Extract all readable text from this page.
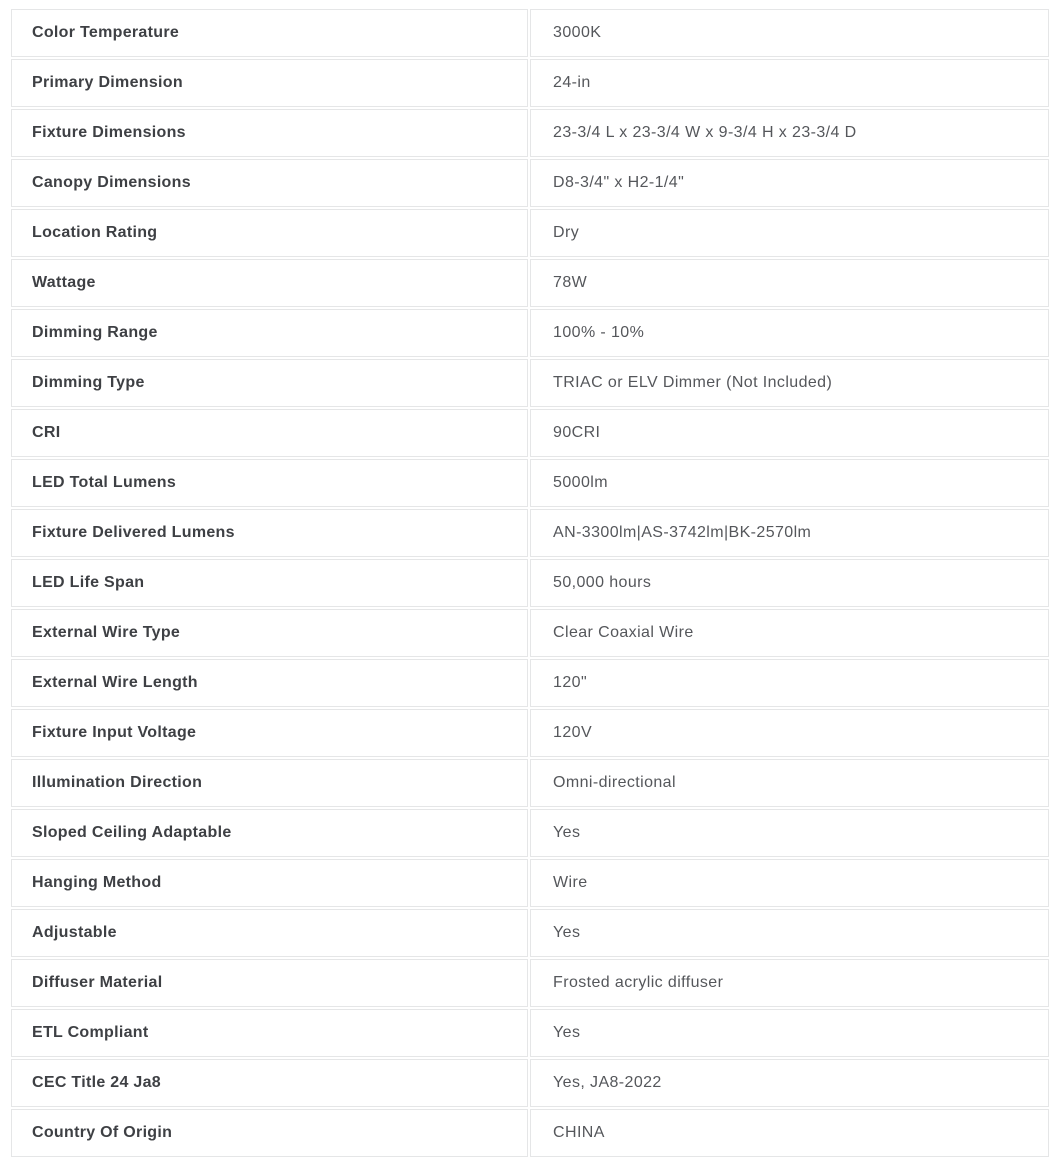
Color Temperature	3000K
Primary Dimension	24-in
Fixture Dimensions	23-3/4 L x 23-3/4 W x 9-3/4 H x 23-3/4 D
Canopy Dimensions	D8-3/4" x H2-1/4"
Location Rating	Dry
Wattage	78W
Dimming Range	100% - 10%
Dimming Type	TRIAC or ELV Dimmer (Not Included)
CRI	90CRI
LED Total Lumens	5000lm
Fixture Delivered Lumens	AN-3300lm|AS-3742lm|BK-2570lm
LED Life Span	50,000 hours
External Wire Type	Clear Coaxial Wire
External Wire Length	120"
Fixture Input Voltage	120V
Illumination Direction	Omni-directional
Sloped Ceiling Adaptable	Yes
Hanging Method	Wire
Adjustable	Yes
Diffuser Material	Frosted acrylic diffuser
ETL Compliant	Yes
CEC Title 24 Ja8	Yes, JA8-2022
Country Of Origin	CHINA
